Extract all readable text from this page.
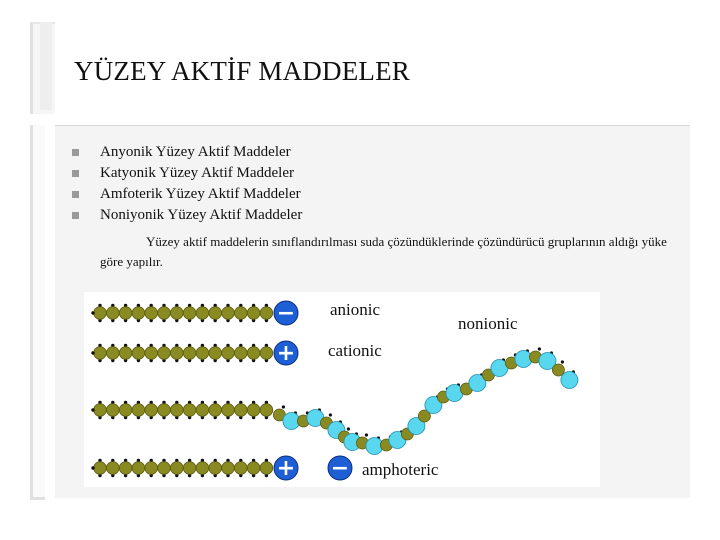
YÜZEY AKTİF MADDELER
Anyonik Yüzey Aktif Maddeler
Katyonik Yüzey Aktif Maddeler
Amfoterik Yüzey Aktif Maddeler
Noniyonik Yüzey Aktif Maddeler
Yüzey aktif maddelerin sınıflandırılması suda çözündüklerinde çözündürücü gruplarının aldığı yüke göre yapılır.
−
+
+ −
anionic
cationic
nonionic
amphoteric
